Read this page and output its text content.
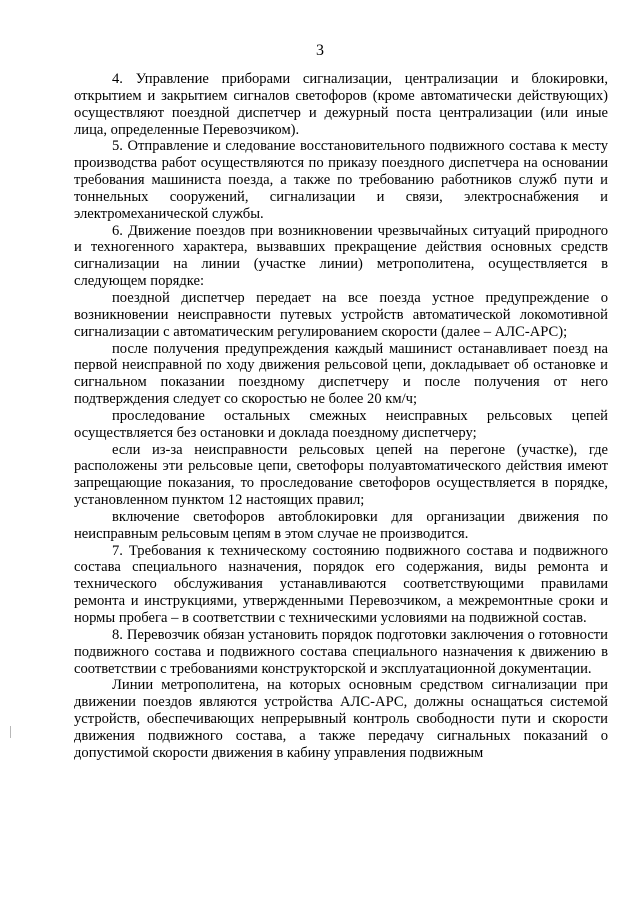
3

4. Управление приборами сигнализации, централизации и блокировки, открытием и закрытием сигналов светофоров (кроме автоматически действующих) осуществляют поездной диспетчер и дежурный поста централизации (или иные лица, определенные Перевозчиком).

5. Отправление и следование восстановительного подвижного состава к месту производства работ осуществляются по приказу поездного диспетчера на основании требования машиниста поезда, а также по требованию работников служб пути и тоннельных сооружений, сигнализации и связи, электроснабжения и электромеханической службы.

6. Движение поездов при возникновении чрезвычайных ситуаций природного и техногенного характера, вызвавших прекращение действия основных средств сигнализации на линии (участке линии) метрополитена, осуществляется в следующем порядке:

поездной диспетчер передает на все поезда устное предупреждение о возникновении неисправности путевых устройств автоматической локомотивной сигнализации с автоматическим регулированием скорости (далее – АЛС-АРС);

после получения предупреждения каждый машинист останавливает поезд на первой неисправной по ходу движения рельсовой цепи, докладывает об остановке и сигнальном показании поездному диспетчеру и после получения от него подтверждения следует со скоростью не более 20 км/ч;

проследование остальных смежных неисправных рельсовых цепей осуществляется без остановки и доклада поездному диспетчеру;

если из-за неисправности рельсовых цепей на перегоне (участке), где расположены эти рельсовые цепи, светофоры полуавтоматического действия имеют запрещающие показания, то проследование светофоров осуществляется в порядке, установленном пунктом 12 настоящих правил;

включение светофоров автоблокировки для организации движения по неисправным рельсовым цепям в этом случае не производится.

7. Требования к техническому состоянию подвижного состава и подвижного состава специального назначения, порядок его содержания, виды ремонта и технического обслуживания устанавливаются соответствующими правилами ремонта и инструкциями, утвержденными Перевозчиком, а межремонтные сроки и нормы пробега – в соответствии с техническими условиями на подвижной состав.

8. Перевозчик обязан установить порядок подготовки заключения о готовности подвижного состава и подвижного состава специального назначения к движению в соответствии с требованиями конструкторской и эксплуатационной документации.

Линии метрополитена, на которых основным средством сигнализации при движении поездов являются устройства АЛС-АРС, должны оснащаться системой устройств, обеспечивающих непрерывный контроль свободности пути и скорости движения подвижного состава, а также передачу сигнальных показаний о допустимой скорости движения в кабину управления подвижным
